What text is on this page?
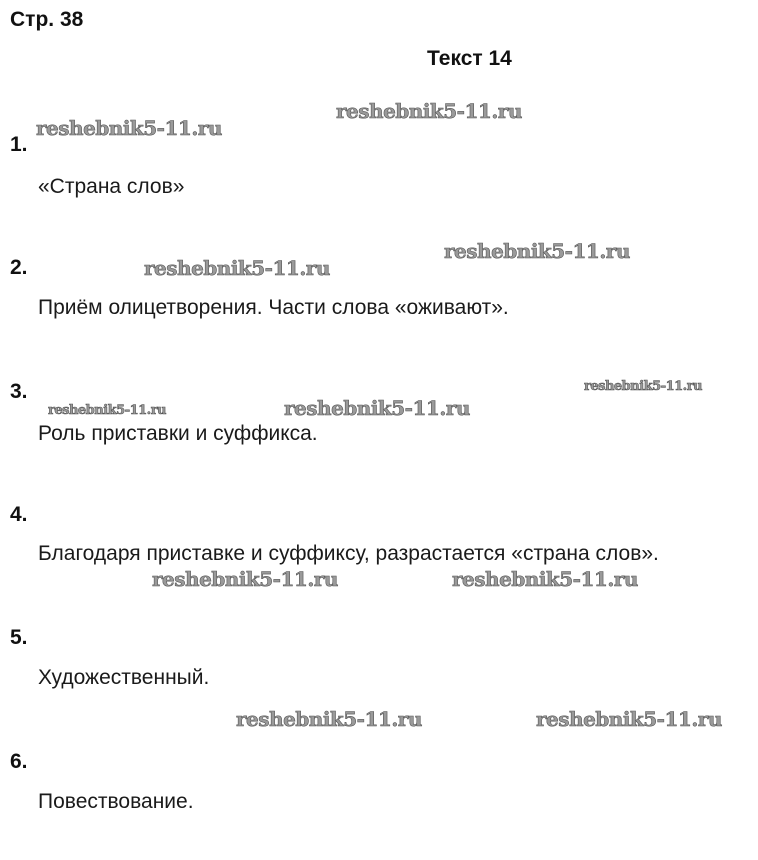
Стр. 38
Текст 14
1.
«Страна слов»
2.
Приём олицетворения. Части слова «оживают».
3.
Роль приставки и суффикса.
4.
Благодаря приставке и суффиксу, разрастается «страна слов».
5.
Художественный.
6.
Повествование.
reshebnik5-11.ru
reshebnik5-11.ru
reshebnik5-11.ru
reshebnik5-11.ru
reshebnik5-11.ru
reshebnik5-11.ru	reshebnik5-11.ru
reshebnik5-11.ru	reshebnik5-11.ru
reshebnik5-11.ru	reshebnik5-11.ru
